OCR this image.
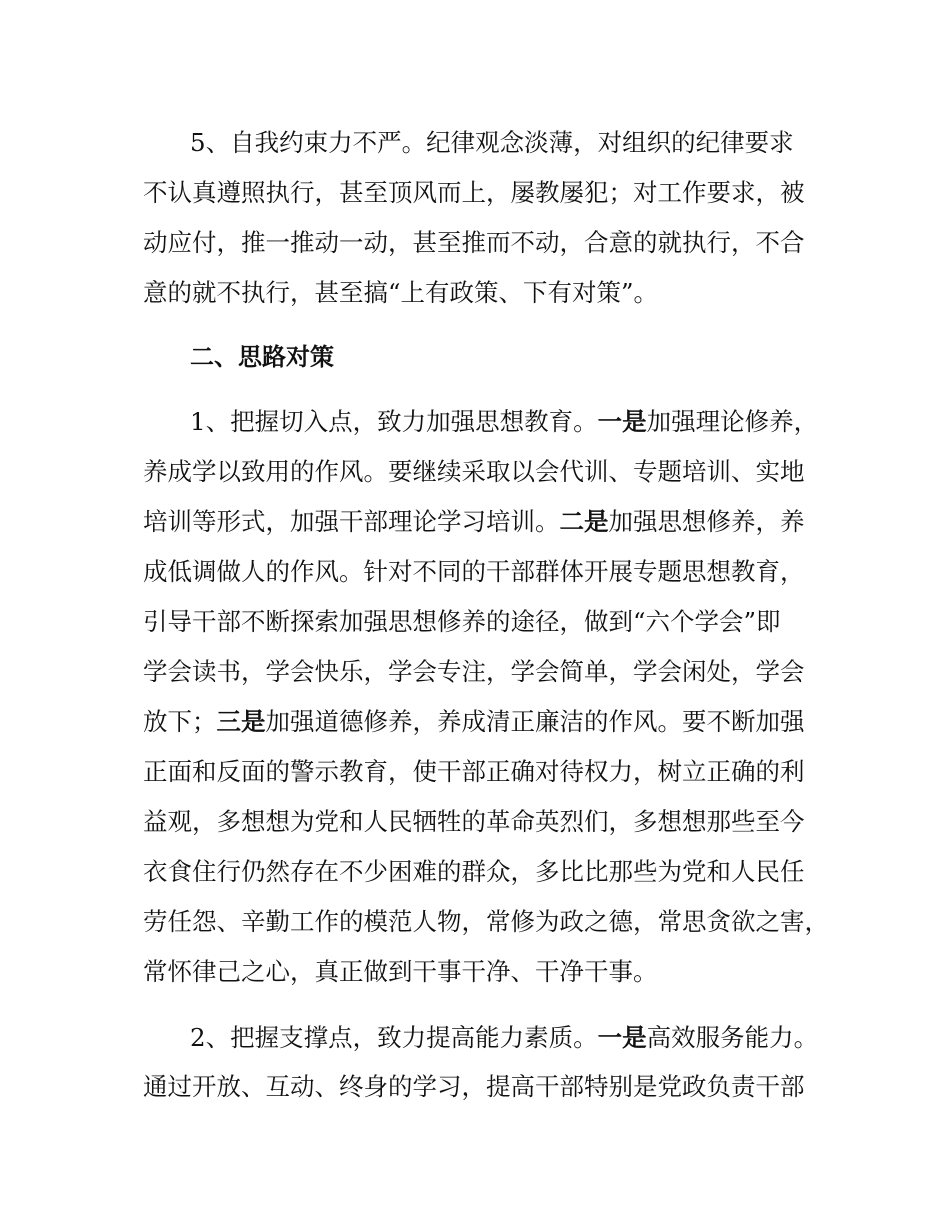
5、自我约束力不严。纪律观念淡薄，对组织的纪律要求
不认真遵照执行，甚至顶风而上，屡教屡犯；对工作要求，被
动应付，推一推动一动，甚至推而不动，合意的就执行，不合
意的就不执行，甚至搞“上有政策、下有对策”。
二、思路对策
1、把握切入点，致力加强思想教育。一是加强理论修养，
养成学以致用的作风。要继续采取以会代训、专题培训、实地
培训等形式，加强干部理论学习培训。二是加强思想修养，养
成低调做人的作风。针对不同的干部群体开展专题思想教育，
引导干部不断探索加强思想修养的途径，做到“六个学会”即
学会读书，学会快乐，学会专注，学会简单，学会闲处，学会
放下；三是加强道德修养，养成清正廉洁的作风。要不断加强
正面和反面的警示教育，使干部正确对待权力，树立正确的利
益观，多想想为党和人民牺牲的革命英烈们，多想想那些至今
衣食住行仍然存在不少困难的群众，多比比那些为党和人民任
劳任怨、辛勤工作的模范人物，常修为政之德，常思贪欲之害，
常怀律己之心，真正做到干事干净、干净干事。
2、把握支撑点，致力提高能力素质。一是高效服务能力。
通过开放、互动、终身的学习，提高干部特别是党政负责干部
